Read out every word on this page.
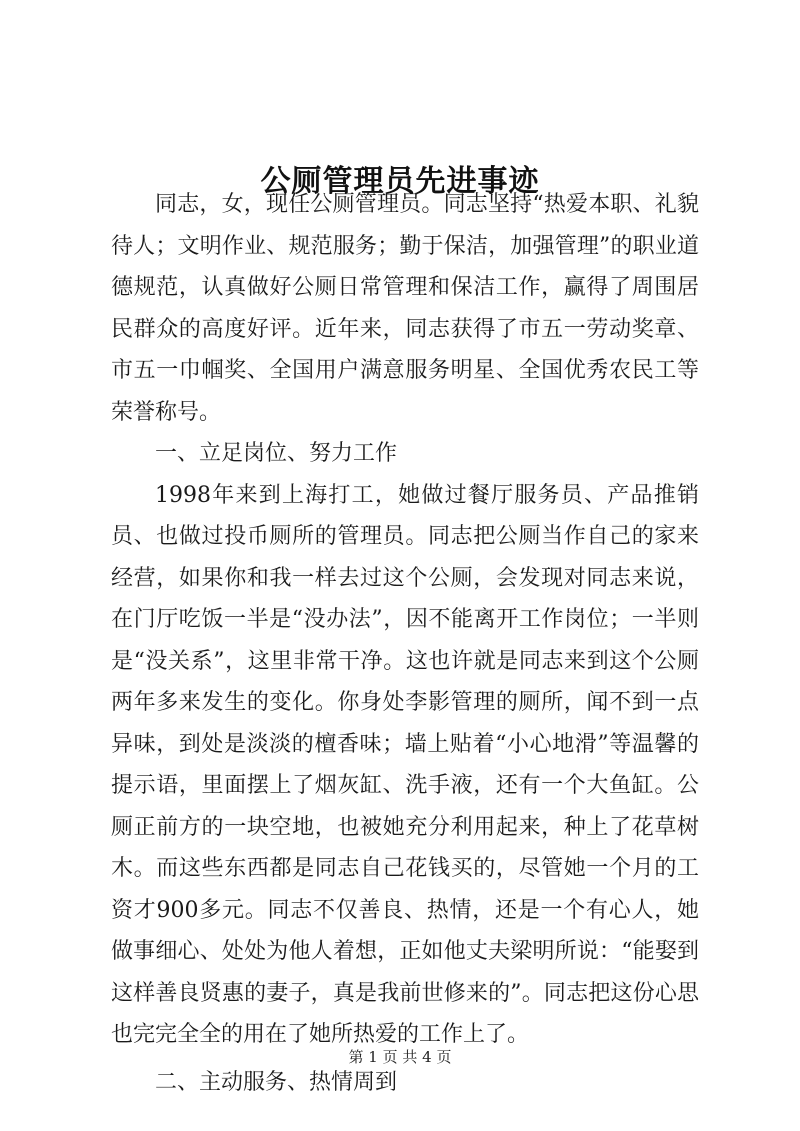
公厕管理员先进事迹

同志，女，现任公厕管理员。同志坚持“热爱本职、礼貌待人；文明作业、规范服务；勤于保洁，加强管理”的职业道德规范，认真做好公厕日常管理和保洁工作，赢得了周围居民群众的高度好评。近年来，同志获得了市五一劳动奖章、市五一巾帼奖、全国用户满意服务明星、全国优秀农民工等荣誉称号。

一、立足岗位、努力工作

1998年来到上海打工，她做过餐厅服务员、产品推销员、也做过投币厕所的管理员。同志把公厕当作自己的家来经营，如果你和我一样去过这个公厕，会发现对同志来说，在门厅吃饭一半是“没办法”，因不能离开工作岗位；一半则是“没关系”，这里非常干净。这也许就是同志来到这个公厕两年多来发生的变化。你身处李影管理的厕所，闻不到一点异味，到处是淡淡的檀香味；墙上贴着“小心地滑”等温馨的提示语，里面摆上了烟灰缸、洗手液，还有一个大鱼缸。公厕正前方的一块空地，也被她充分利用起来，种上了花草树木。而这些东西都是同志自己花钱买的，尽管她一个月的工资才900多元。同志不仅善良、热情，还是一个有心人，她做事细心、处处为他人着想，正如他丈夫梁明所说：“能娶到这样善良贤惠的妻子，真是我前世修来的”。同志把这份心思也完完全全的用在了她所热爱的工作上了。

二、主动服务、热情周到

第 1 页 共 4 页
